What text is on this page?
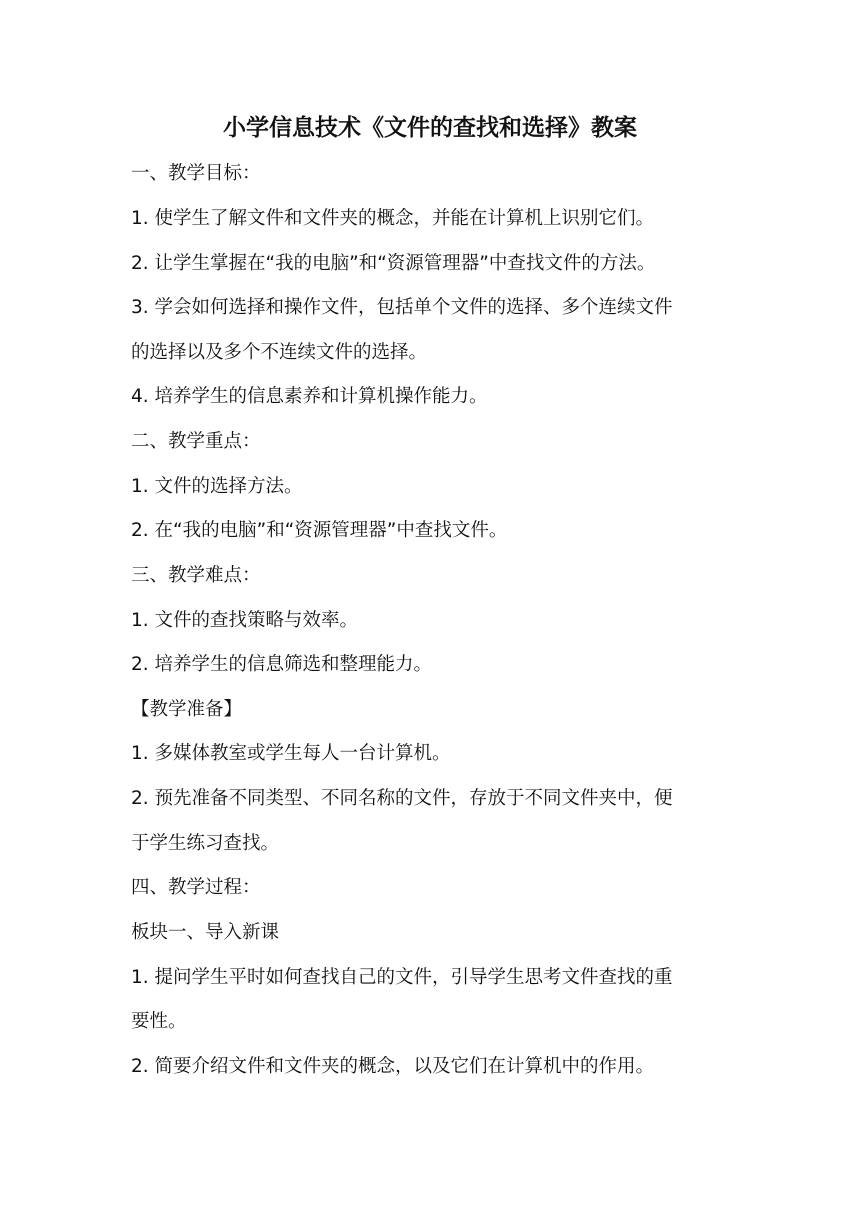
小学信息技术《文件的查找和选择》教案
一、教学目标：
1. 使学生了解文件和文件夹的概念，并能在计算机上识别它们。
2. 让学生掌握在“我的电脑”和“资源管理器”中查找文件的方法。
3. 学会如何选择和操作文件，包括单个文件的选择、多个连续文件
的选择以及多个不连续文件的选择。
4. 培养学生的信息素养和计算机操作能力。
二、教学重点：
1. 文件的选择方法。
2. 在“我的电脑”和“资源管理器”中查找文件。
三、教学难点：
1. 文件的查找策略与效率。
2. 培养学生的信息筛选和整理能力。
【教学准备】
1. 多媒体教室或学生每人一台计算机。
2. 预先准备不同类型、不同名称的文件，存放于不同文件夹中，便
于学生练习查找。
四、教学过程：
板块一、导入新课
1. 提问学生平时如何查找自己的文件，引导学生思考文件查找的重
要性。
2. 简要介绍文件和文件夹的概念，以及它们在计算机中的作用。
